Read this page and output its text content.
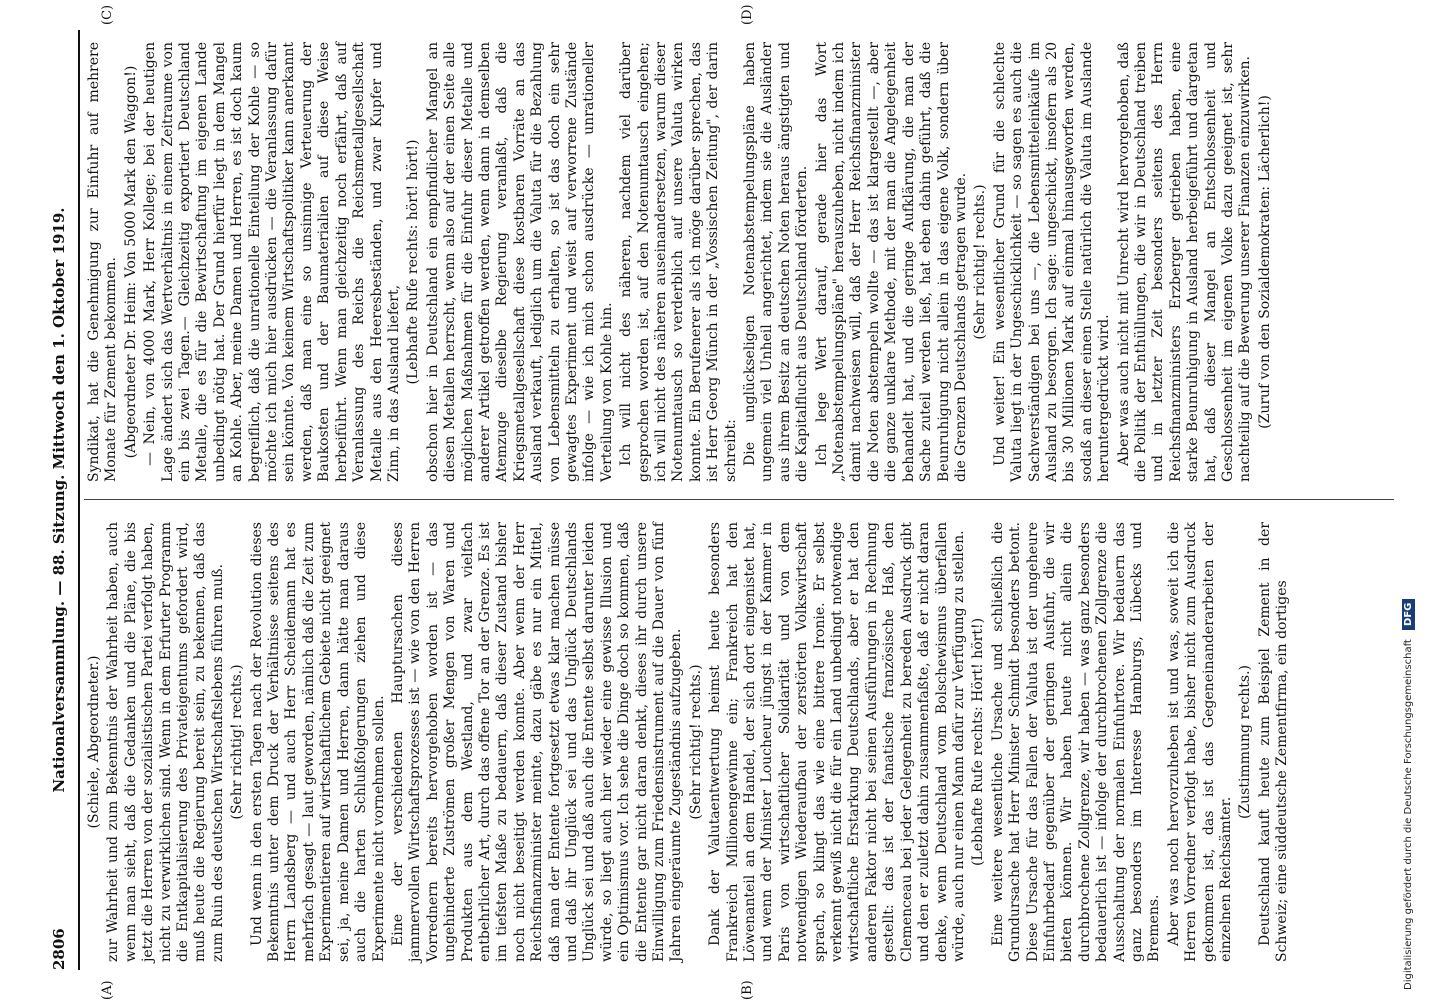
2806
Nationalversammlung. — 88. Sitzung. Mittwoch den 1. Oktober 1919.
(A)	(B)
(C)	(D)

(Schiele, Abgeordneter.) zur Wahrheit und zum Bekenntnis der Wahrheit haben, auch wenn man sieht, daß die Gedanken und die Pläne, die bis jetzt die Herren von der sozialistischen Partei verfolgt haben, nicht zu verwirklichen sind. Wenn in dem Erfurter Programm die Entkapitalisierung des Privateigentums gefordert wird, muß heute die Regierung bereit sein, zu bekennen, daß das zum Ruin des deutschen Wirtschaftslebens führen muß. (Sehr richtig! rechts.) Und wenn in den ersten Tagen nach der Revolution dieses Bekenntnis unter dem Druck der Verhältnisse seitens des Herrn Landsberg — und auch Herr Scheidemann hat es mehrfach gesagt — laut geworden, nämlich daß die Zeit zum Experimentieren auf wirtschaftlichem Gebiete nicht geeignet sei, ja, meine Damen und Herren, dann hätte man daraus auch die harten Schlußfolgerungen ziehen und diese Experimente nicht vornehmen sollen. Eine der verschiedenen Hauptursachen dieses jammervollen Wirtschaftsprozesses ist — wie von den Herren Vorrednern bereits hervorgehoben worden ist — das ungehinderte Zuströmen großer Mengen von Waren und Produkten aus dem Westland, und zwar vielfach entbehrlicher Art, durch das offene Tor an der Grenze. Es ist im tiefsten Maße zu bedauern, daß dieser Zustand bisher noch nicht beseitigt werden konnte. Aber wenn der Herr Reichsfinanzminister meinte, dazu gäbe es nur ein Mittel, daß man der Entente fortgesetzt etwas klar machen müsse und daß ihr Unglück sei und das Unglück Deutschlands Unglück sei und daß auch die Entente selbst darunter leiden würde, so liegt auch hier wieder eine gewisse Illusion und ein Optimismus vor. Ich sehe die Dinge doch so kommen, daß die Entente gar nicht daran denkt, dieses ihr durch unsere Einwilligung zum Friedensinstrument auf die Dauer von fünf Jahren eingeräumte Zugeständnis aufzugeben. (Sehr richtig! rechts.) Dank der Valutaentwertung heimst heute besonders Frankreich Millionengewinne ein; Frankreich hat den Löwenanteil an dem Handel, der sich dort eingenistet hat, und wenn der Minister Loucheur jüngst in der Kammer in Paris von wirtschaftlicher Solidarität und von dem notwendigen Wiederaufbau der zerstörten Volkswirtschaft sprach, so klingt das wie eine bittere Ironie. Er selbst verkennt gewiß nicht die für ein Land unbedingt notwendige wirtschaftliche Erstarkung Deutschlands, aber er hat den anderen Faktor nicht bei seinen Ausführungen in Rechnung gestellt: das ist der fanatische französische Haß, den Clemenceau bei jeder Gelegenheit zu bereden Ausdruck gibt und den er zuletzt dahin zusammenfaßte, daß er nicht daran denke, wenn Deutschland vom Bolschewismus überfallen würde, auch nur einen Mann dafür zur Verfügung zu stellen. (Lebhafte Rufe rechts: Hört! hört!) Eine weitere wesentliche Ursache und schließlich die Grundursache hat Herr Minister Schmidt besonders betont. Diese Ursache für das Fallen der Valuta ist der ungeheure Einfuhrbedarf gegenüber der geringen Ausfuhr, die wir bieten können. Wir haben heute nicht allein die durchbrochene Zollgrenze, wir haben — was ganz besonders bedauerlich ist — infolge der durchbrochenen Zollgrenze die Ausschaltung der normalen Einfuhrtore. Wir bedauern das ganz besonders im Interesse Hamburgs, Lübecks und Bremens. Aber was noch hervorzuheben ist und was, soweit ich die Herren Vorredner verfolgt habe, bisher nicht zum Ausdruck gekommen ist, das ist das Gegeneinanderarbeiten der einzelnen Reichsämter.

(Zustimmung rechts.) Deutschland kauft heute zum Beispiel Zement in der Schweiz; eine süddeutsche Zementfirma, ein dortiges

Syndikat, hat die Genehmigung zur Einfuhr auf mehrere Monate für Zement bekommen. (Abgeordneter Dr. Heim: Von 5000 Mark den Waggon!) — Nein, von 4000 Mark, Herr Kollege; bei der heutigen Lage ändert sich das Wertverhältnis in einem Zeitraume von ein bis zwei Tagen.— Gleichzeitig exportiert Deutschland Metalle, die es für die Bewirtschaftung im eigenen Lande unbedingt nötig hat. Der Grund hierfür liegt in dem Mangel an Kohle. Aber, meine Damen und Herren, es ist doch kaum begreiflich, daß die unrationelle Einteilung der Kohle — so möchte ich mich hier ausdrücken — die Veranlassung dafür sein könnte. Von keinem Wirtschaftspolitiker kann anerkannt werden, daß man eine so unsinnige Verteuerung der Baukosten und der Baumaterialien auf diese Weise herbeiführt. Wenn man gleichzeitig noch erfährt, daß auf Veranlassung des Reichs die Reichsmetallgesellschaft Metalle aus den Heeresbeständen, und zwar Kupfer und Zinn, in das Ausland liefert, (Lebhafte Rufe rechts: hört! hört!) obschon hier in Deutschland ein empfindlicher Mangel an diesen Metallen herrscht, wenn also auf der einen Seite alle möglichen Maßnahmen für die Einfuhr dieser Metalle und anderer Artikel getroffen werden, wenn dann in demselben Atemzuge dieselbe Regierung veranlaßt, daß die Kriegsmetallgesellschaft diese kostbaren Vorräte an das Ausland verkauft, lediglich um die Valuta für die Bezahlung von Lebensmitteln zu erhalten, so ist das doch ein sehr gewagtes Experiment und weist auf verworrene Zustände infolge — wie ich mich schon ausdrücke — unrationeller Verteilung von Kohle hin. Ich will nicht des näheren, nachdem viel darüber gesprochen worden ist, auf den Notenumtausch eingehen; ich will nicht des näheren auseinandersetzen, warum dieser Notenumtausch so verderblich auf unsere Valuta wirken konnte. Ein Berufenerer als ich möge darüber sprechen, das ist Herr Georg Münch in der „Vossischen Zeitung", der darin schreibt: Die unglückseligen Notenabstempelungspläne haben ungemein viel Unheil angerichtet, indem sie die Ausländer aus ihrem Besitz an deutschen Noten heraus ängstigten und die Kapitalflucht aus Deutschland förderten. Ich lege Wert darauf, gerade hier das Wort „Notenabstempelungspläne" herauszuheben, nicht indem ich damit nachweisen will, daß der Herr Reichsfinanzminister die Noten abstempeln wollte — das ist klargestellt —, aber die ganze unklare Methode, mit der man die Angelegenheit behandelt hat, und die geringe Aufklärung, die man der Sache zuteil werden ließ, hat eben dahin geführt, daß die Beunruhigung nicht allein in das eigene Volk, sondern über die Grenzen Deutschlands getragen wurde. (Sehr richtig! rechts.) Und weiter! Ein wesentlicher Grund für die schlechte Valuta liegt in der Ungeschicklichkeit — so sagen es auch die Sachverständigen bei uns —, die Lebensmitteleinkäufe im Ausland zu besorgen. Ich sage: ungeschickt, insofern als 20 bis 30 Millionen Mark auf einmal hinausgeworfen werden, sodaß an dieser einen Stelle natürlich die Valuta im Auslande heruntergedrückt wird. Aber was auch nicht mit Unrecht wird hervorgehoben, daß die Politik der Enthüllungen, die wir in Deutschland treiben und in letzter Zeit besonders seitens des Herrn Reichsfinanzministers Erzberger getrieben haben, eine starke Beunruhigung in Ausland herbeigeführt und dargetan hat, daß dieser Mangel an Entschlossenheit und Geschlossenheit im eigenen Volke dazu geeignet ist, sehr nachteilig auf die Bewerung unserer Finanzen einzuwirken. (Zuruf von den Sozialdemokraten: Lächerlich!)

Digitalisierung gefördert durch die Deutsche Forschungsgemeinschaft DFG
